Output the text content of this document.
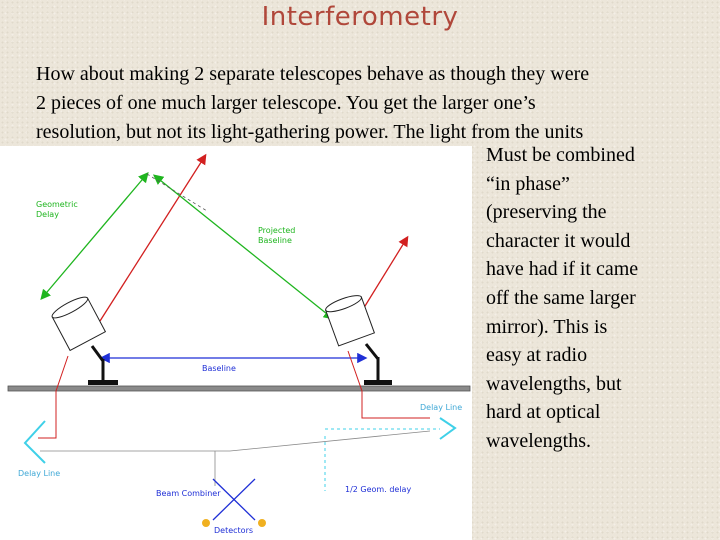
Interferometry
How about making 2 separate telescopes behave as though they were
2 pieces of one much larger telescope. You get the larger one’s
resolution, but not its light-gathering power. The light from the units
Geometric
Delay
Projected
Baseline
Baseline
Delay Line
Delay Line
1/2 Geom. delay
Beam Combiner
Detectors
Must be combined
“in phase”
(preserving the
character it would
have had if it came
off the same larger
mirror). This is
easy at radio
wavelengths, but
hard at optical
wavelengths.
